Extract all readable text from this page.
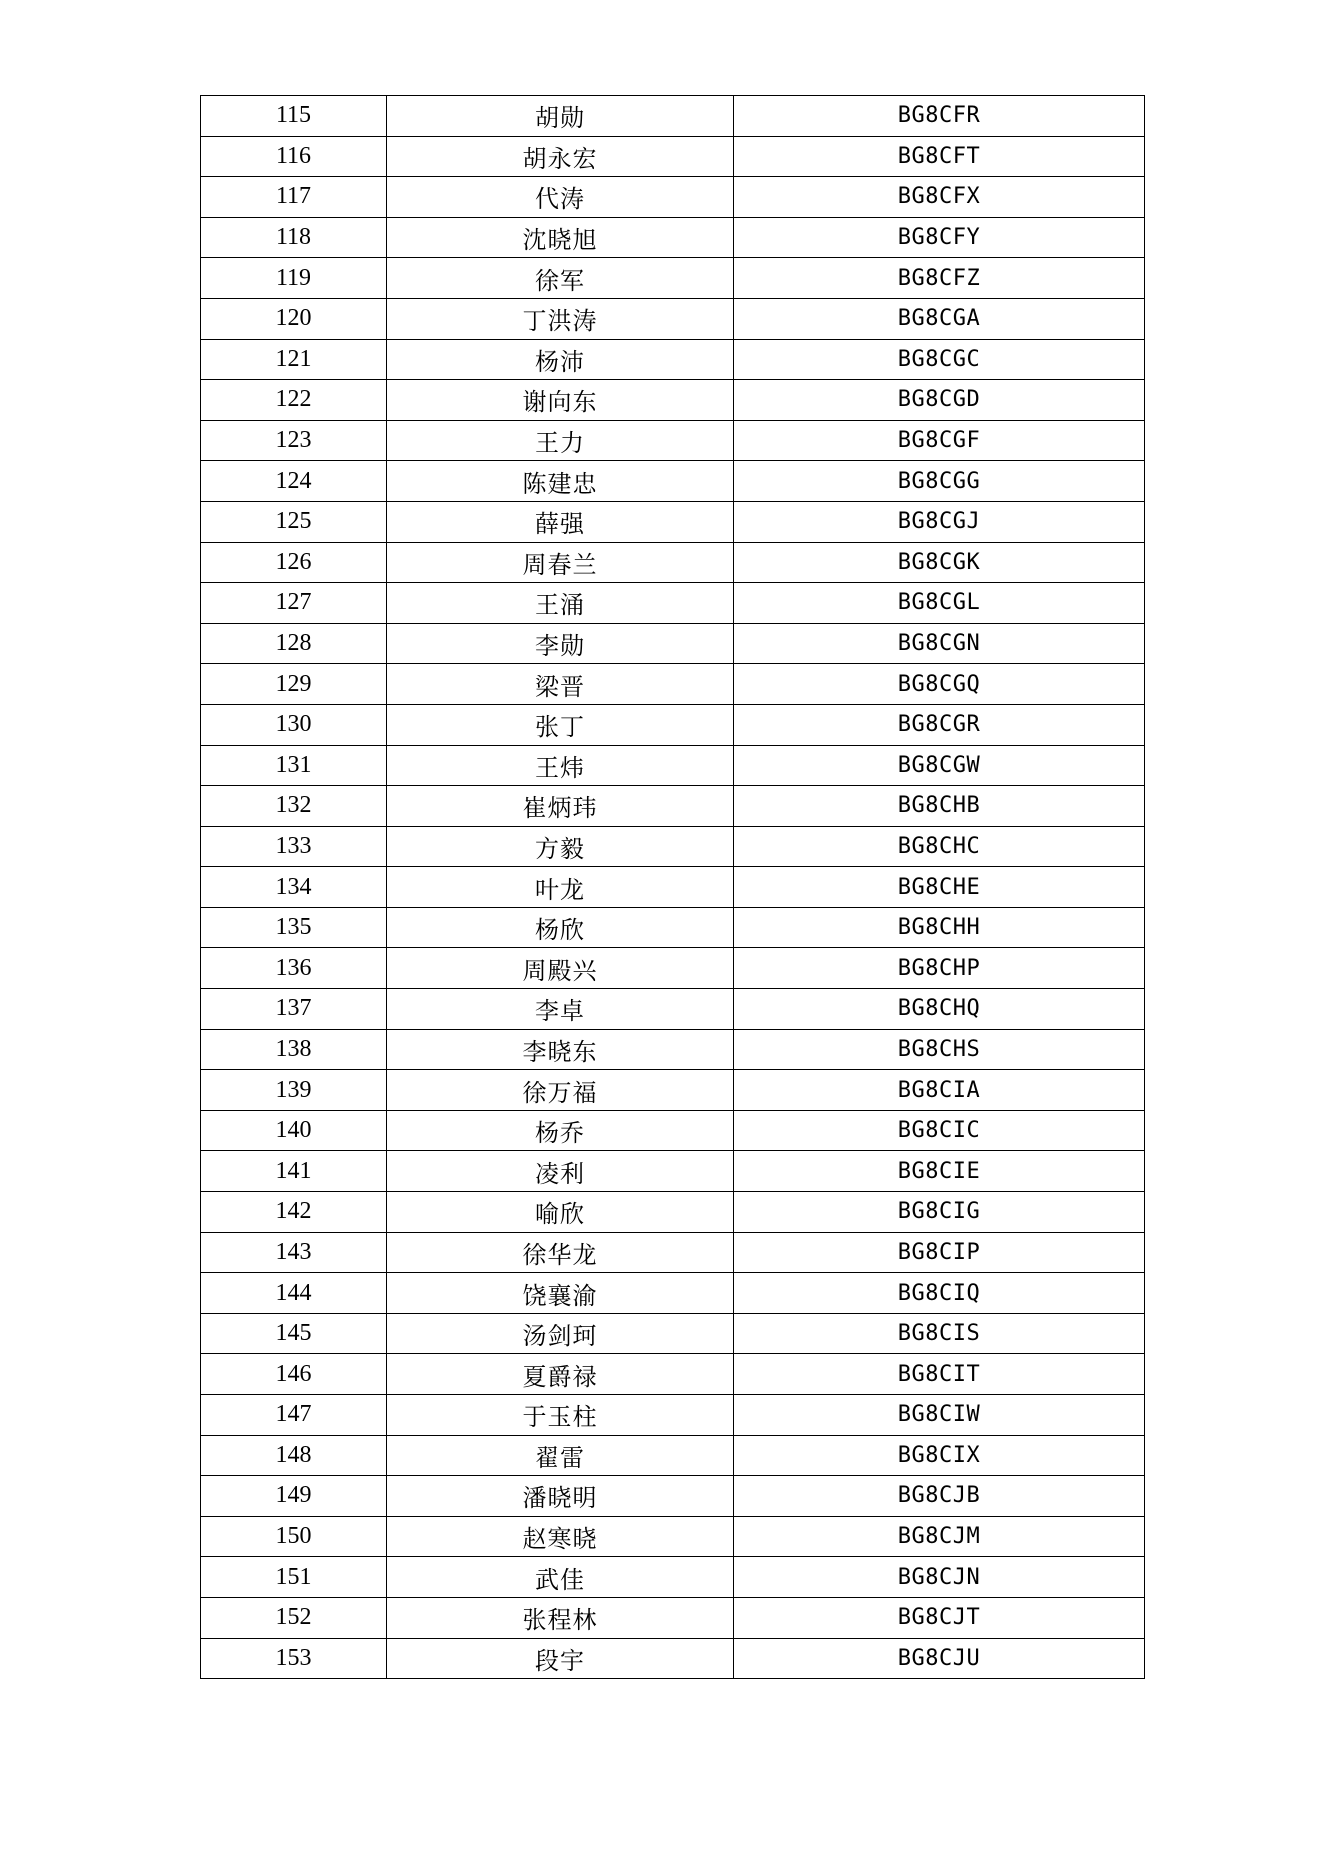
115	胡勋	BG8CFR
116	胡永宏	BG8CFT
117	代涛	BG8CFX
118	沈晓旭	BG8CFY
119	徐军	BG8CFZ
120	丁洪涛	BG8CGA
121	杨沛	BG8CGC
122	谢向东	BG8CGD
123	王力	BG8CGF
124	陈建忠	BG8CGG
125	薛强	BG8CGJ
126	周春兰	BG8CGK
127	王涌	BG8CGL
128	李勋	BG8CGN
129	梁晋	BG8CGQ
130	张丁	BG8CGR
131	王炜	BG8CGW
132	崔炳玮	BG8CHB
133	方毅	BG8CHC
134	叶龙	BG8CHE
135	杨欣	BG8CHH
136	周殿兴	BG8CHP
137	李卓	BG8CHQ
138	李晓东	BG8CHS
139	徐万福	BG8CIA
140	杨乔	BG8CIC
141	凌利	BG8CIE
142	喻欣	BG8CIG
143	徐华龙	BG8CIP
144	饶襄渝	BG8CIQ
145	汤剑珂	BG8CIS
146	夏爵禄	BG8CIT
147	于玉柱	BG8CIW
148	翟雷	BG8CIX
149	潘晓明	BG8CJB
150	赵寒晓	BG8CJM
151	武佳	BG8CJN
152	张程林	BG8CJT
153	段宇	BG8CJU
